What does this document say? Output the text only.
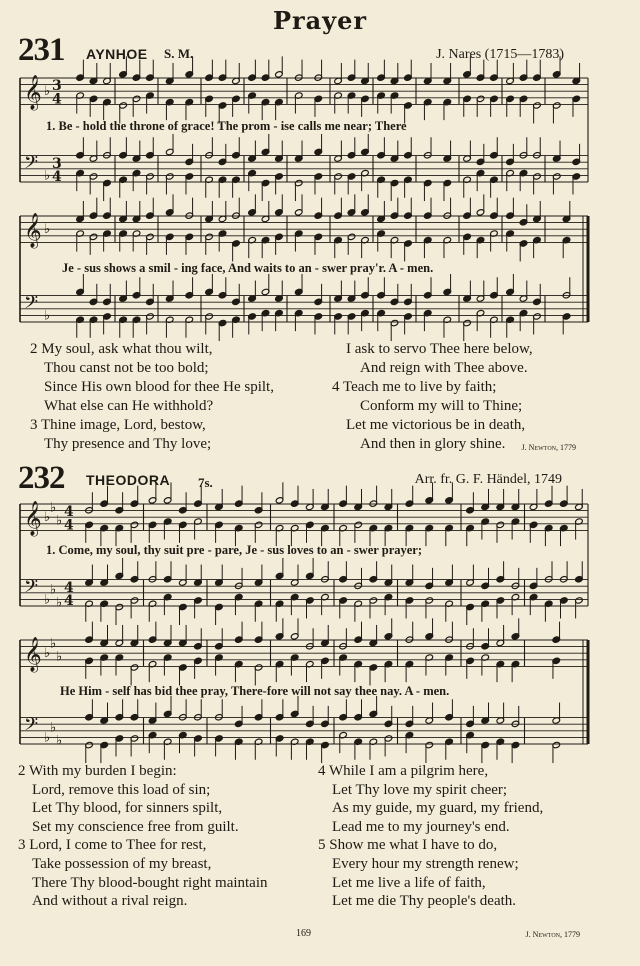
Prayer
231 AYNHOE S. M.	J. Nares (1715—1783)
𝄞 ♭ 3
4
𝄢 ♭
3
4
1. Be - hold the throne of grace! The prom - ise calls me near; There
𝄞 ♭
𝄢 ♭
Je - sus shows a smil - ing face, And waits to an - swer pray'r. A - men.
2 My soul, ask what thou wilt,
Thou canst not be too bold;
Since His own blood for thee He spilt,
What else can He withhold?
3 Thine image, Lord, bestow,
Thy presence and Thy love;
I ask to servo Thee here below,
And reign with Thee above.
4 Teach me to live by faith;
Conform my will to Thine;
Let me victorious be in death,
And then in glory shine.	J. Newton, 1779
232 THEODORA 7s.	Arr. fr. G. F. Händel, 1749
𝄞 ♭
♭
♭
4
4
𝄢 ♭
♭
♭
4
4
1. Come, my soul, thy suit pre - pare, Je - sus loves to an - swer prayer;
𝄞 ♭
♭
♭
𝄢 ♭
♭
♭
He Him - self has bid thee pray, There-fore will not say thee nay. A - men.
2 With my burden I begin:
Lord, remove this load of sin;
Let Thy blood, for sinners spilt,
Set my conscience free from guilt.
3 Lord, I come to Thee for rest,
Take possession of my breast,
There Thy blood-bought right maintain
And without a rival reign.
4 While I am a pilgrim here,
Let Thy love my spirit cheer;
As my guide, my guard, my friend,
Lead me to my journey's end.
5 Show me what I have to do,
Every hour my strength renew;
Let me live a life of faith,
Let me die Thy people's death.
169	J. Newton, 1779
